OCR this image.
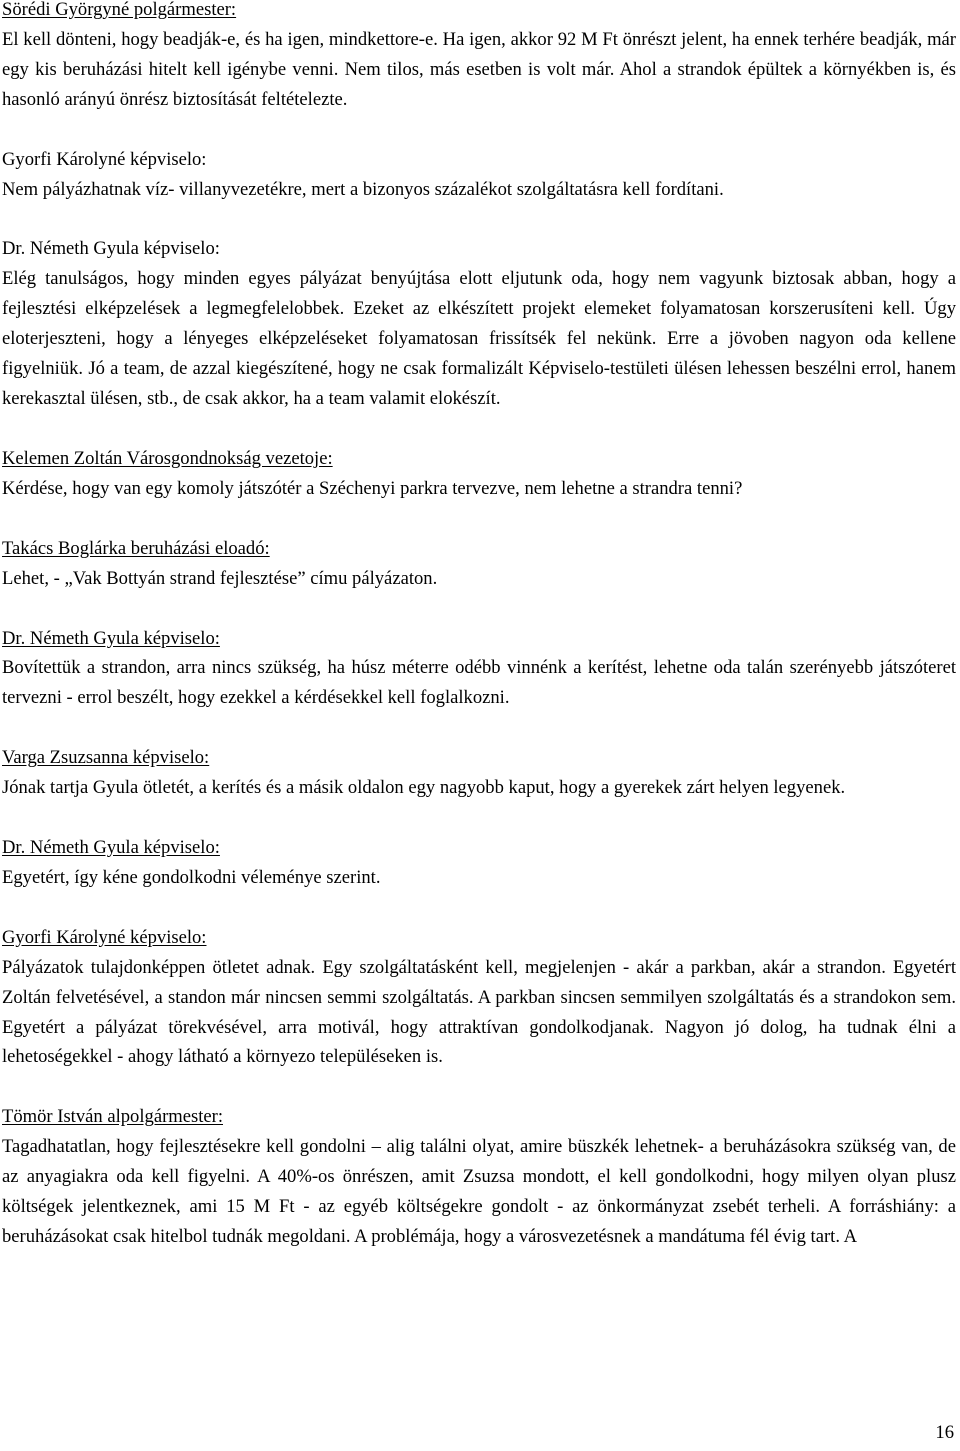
Sörédi Györgyné polgármester:
El kell dönteni, hogy beadják-e, és ha igen, mindkettore-e. Ha igen, akkor 92 M Ft önrészt jelent, ha ennek terhére beadják, már egy kis beruházási hitelt kell igénybe venni. Nem tilos, más esetben is volt már. Ahol a strandok épültek a környékben is, és hasonló arányú önrész biztosítását feltételezte.
Gyorfi Károlyné képviselo:
Nem pályázhatnak víz- villanyvezetékre, mert a bizonyos százalékot szolgáltatásra kell fordítani.
Dr. Németh Gyula képviselo:
Elég tanulságos, hogy minden egyes pályázat benyújtása elott eljutunk oda, hogy nem vagyunk biztosak abban, hogy a fejlesztési elképzelések a legmegfelelobbek. Ezeket az elkészített projekt elemeket folyamatosan korszerusíteni kell. Úgy eloterjeszteni, hogy a lényeges elképzeléseket folyamatosan frissítsék fel nekünk. Erre a jövoben nagyon oda kellene figyelniük. Jó a team, de azzal kiegészítené, hogy ne csak formalizált Képviselo-testületi ülésen lehessen beszélni errol, hanem kerekasztal ülésen, stb., de csak akkor, ha a team valamit elokészít.
Kelemen Zoltán Városgondnokság vezetoje:
Kérdése, hogy van egy komoly játszótér a Széchenyi parkra tervezve, nem lehetne a strandra tenni?
Takács Boglárka beruházási eloadó:
Lehet, - „Vak Bottyán strand fejlesztése” címu pályázaton.
Dr. Németh Gyula képviselo:
Bovítettük a strandon, arra nincs szükség, ha húsz méterre odébb vinnénk a kerítést, lehetne oda talán szerényebb játszóteret tervezni - errol beszélt, hogy ezekkel a kérdésekkel kell foglalkozni.
Varga Zsuzsanna képviselo:
Jónak tartja Gyula ötletét, a kerítés és a másik oldalon egy nagyobb kaput, hogy a gyerekek zárt helyen legyenek.
Dr. Németh Gyula képviselo:
Egyetért, így kéne gondolkodni véleménye szerint.
Gyorfi Károlyné képviselo:
Pályázatok tulajdonképpen ötletet adnak. Egy szolgáltatásként kell, megjelenjen - akár a parkban, akár a strandon. Egyetért Zoltán felvetésével, a standon már nincsen semmi szolgáltatás. A parkban sincsen semmilyen szolgáltatás és a strandokon sem. Egyetért a pályázat törekvésével, arra motivál, hogy attraktívan gondolkodjanak. Nagyon jó dolog, ha tudnak élni a lehetoségekkel - ahogy látható a környezo településeken is.
Tömör István alpolgármester:
Tagadhatatlan, hogy fejlesztésekre kell gondolni – alig találni olyat, amire büszkék lehetnek- a beruházásokra szükség van, de az anyagiakra oda kell figyelni. A 40%-os önrészen, amit Zsuzsa mondott, el kell gondolkodni, hogy milyen olyan plusz költségek jelentkeznek, ami 15 M Ft - az egyéb költségekre gondolt - az önkormányzat zsebét terheli. A forráshiány: a beruházásokat csak hitelbol tudnák megoldani. A problémája, hogy a városvezetésnek a mandátuma fél évig tart. A
16
